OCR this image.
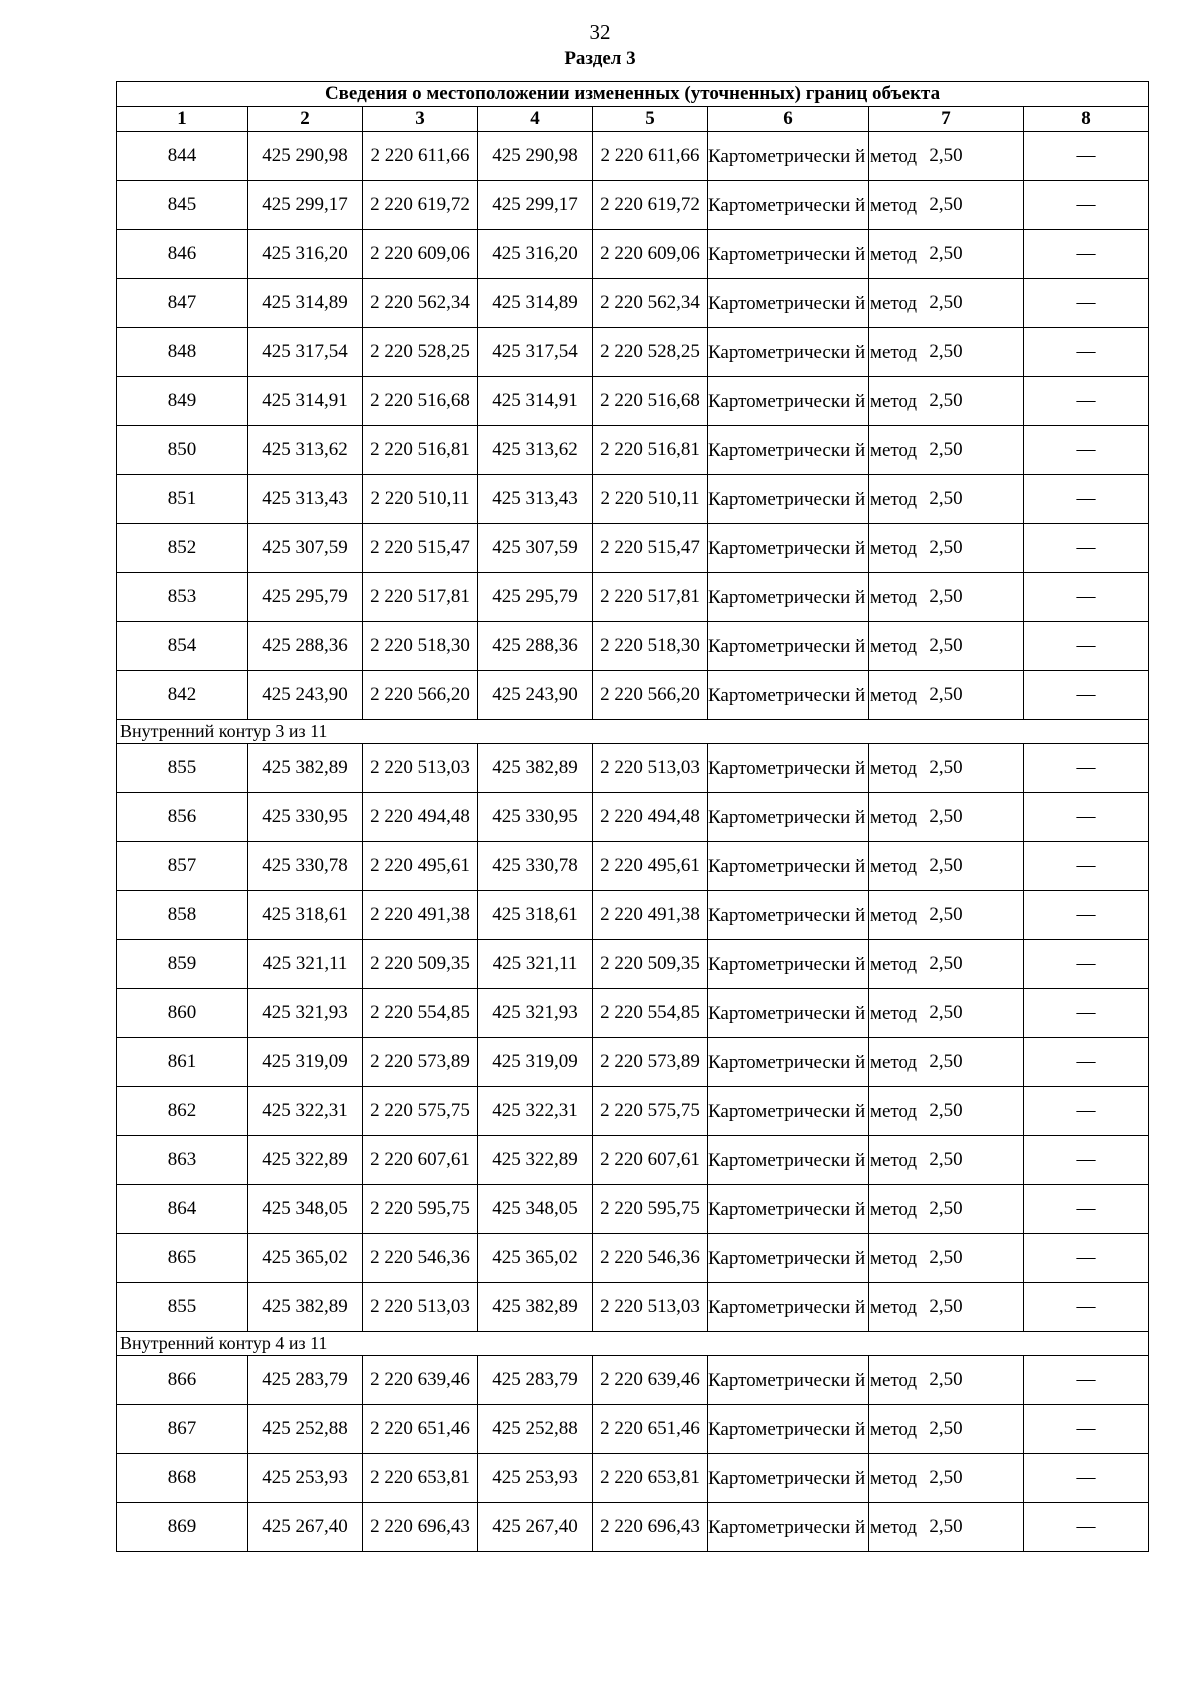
32
Раздел 3
Сведения о местоположении измененных (уточненных) границ объекта							
1	2	3	4	5	6	7	8
844	425 290,98	2 220 611,66	425 290,98	2 220 611,66	Картометрически й метод	2,50	—
845	425 299,17	2 220 619,72	425 299,17	2 220 619,72	Картометрически й метод	2,50	—
846	425 316,20	2 220 609,06	425 316,20	2 220 609,06	Картометрически й метод	2,50	—
847	425 314,89	2 220 562,34	425 314,89	2 220 562,34	Картометрически й метод	2,50	—
848	425 317,54	2 220 528,25	425 317,54	2 220 528,25	Картометрически й метод	2,50	—
849	425 314,91	2 220 516,68	425 314,91	2 220 516,68	Картометрически й метод	2,50	—
850	425 313,62	2 220 516,81	425 313,62	2 220 516,81	Картометрически й метод	2,50	—
851	425 313,43	2 220 510,11	425 313,43	2 220 510,11	Картометрически й метод	2,50	—
852	425 307,59	2 220 515,47	425 307,59	2 220 515,47	Картометрически й метод	2,50	—
853	425 295,79	2 220 517,81	425 295,79	2 220 517,81	Картометрически й метод	2,50	—
854	425 288,36	2 220 518,30	425 288,36	2 220 518,30	Картометрически й метод	2,50	—
842	425 243,90	2 220 566,20	425 243,90	2 220 566,20	Картометрически й метод	2,50	—
Внутренний контур 3 из 11							
855	425 382,89	2 220 513,03	425 382,89	2 220 513,03	Картометрически й метод	2,50	—
856	425 330,95	2 220 494,48	425 330,95	2 220 494,48	Картометрически й метод	2,50	—
857	425 330,78	2 220 495,61	425 330,78	2 220 495,61	Картометрически й метод	2,50	—
858	425 318,61	2 220 491,38	425 318,61	2 220 491,38	Картометрически й метод	2,50	—
859	425 321,11	2 220 509,35	425 321,11	2 220 509,35	Картометрически й метод	2,50	—
860	425 321,93	2 220 554,85	425 321,93	2 220 554,85	Картометрически й метод	2,50	—
861	425 319,09	2 220 573,89	425 319,09	2 220 573,89	Картометрически й метод	2,50	—
862	425 322,31	2 220 575,75	425 322,31	2 220 575,75	Картометрически й метод	2,50	—
863	425 322,89	2 220 607,61	425 322,89	2 220 607,61	Картометрически й метод	2,50	—
864	425 348,05	2 220 595,75	425 348,05	2 220 595,75	Картометрически й метод	2,50	—
865	425 365,02	2 220 546,36	425 365,02	2 220 546,36	Картометрически й метод	2,50	—
855	425 382,89	2 220 513,03	425 382,89	2 220 513,03	Картометрически й метод	2,50	—
Внутренний контур 4 из 11							
866	425 283,79	2 220 639,46	425 283,79	2 220 639,46	Картометрически й метод	2,50	—
867	425 252,88	2 220 651,46	425 252,88	2 220 651,46	Картометрически й метод	2,50	—
868	425 253,93	2 220 653,81	425 253,93	2 220 653,81	Картометрически й метод	2,50	—
869	425 267,40	2 220 696,43	425 267,40	2 220 696,43	Картометрически й метод	2,50	—
